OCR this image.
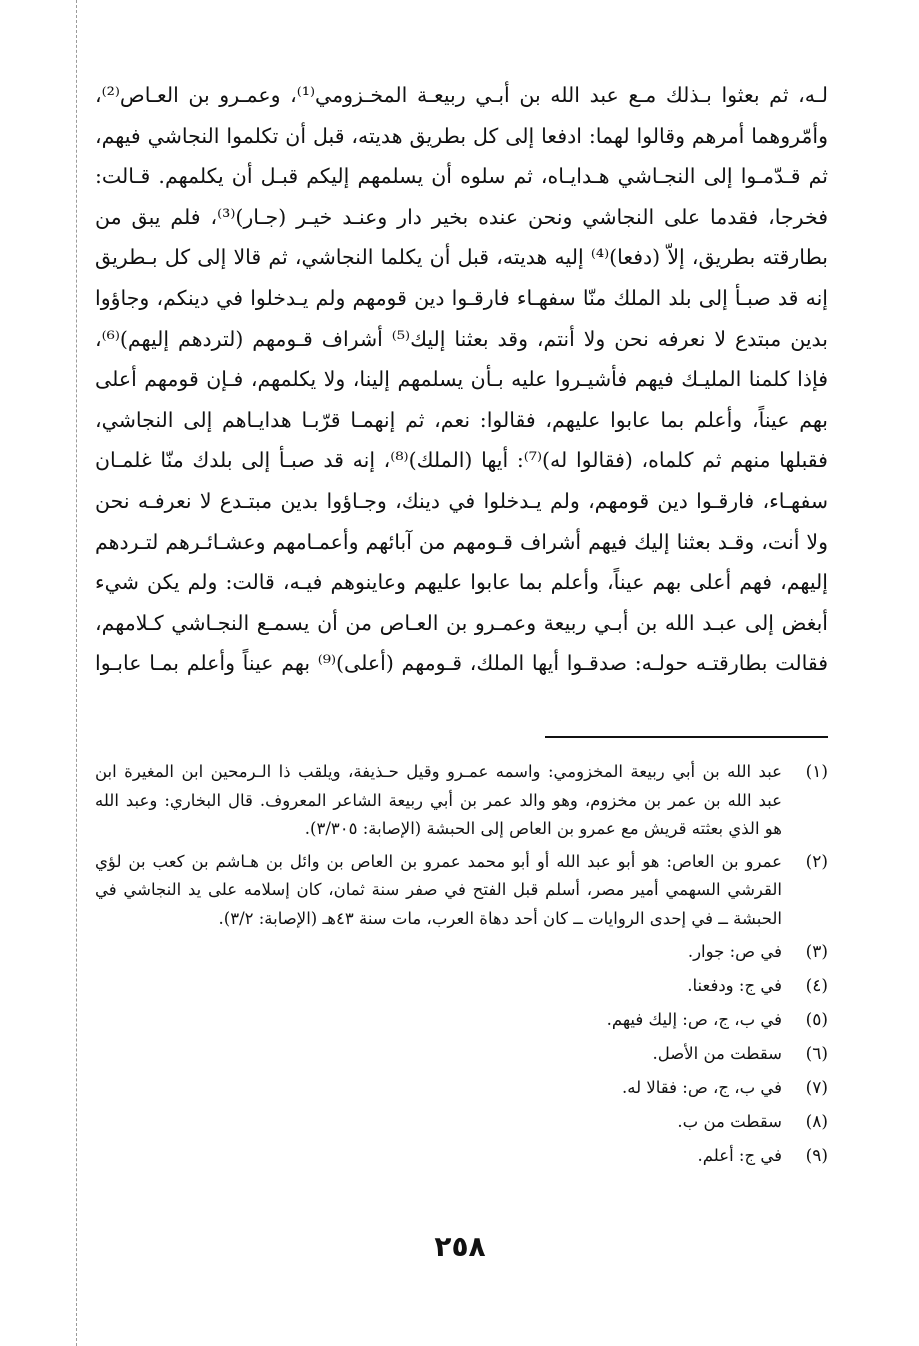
لـه، ثم بعثوا بـذلك مـع عبد الله بن أبـي ربيعـة المخـزومي⁽¹⁾، وعمـرو بن العـاص⁽²⁾،
وأمّروهما أمرهم وقالوا لهما: ادفعا إلى كل بطريق هديته، قبل أن تكلموا النجاشي فيهم،
ثم قـدّمـوا إلى النجـاشي هـدايـاه، ثم سلوه أن يسلمهم إليكم قبـل أن يكلمهم. قـالت:
فخرجا، فقدما على النجاشي ونحن عنده بخير دار وعنـد خيـر (جـار)⁽³⁾، فلم يبق من
بطارقته بطريق، إلاّ (دفعا)⁽⁴⁾ إليه هديته، قبل أن يكلما النجاشي، ثم قالا إلى كل بـطريق
إنه قد صبـأ إلى بلد الملك منّا سفهـاء فارقـوا دين قومهم ولم يـدخلوا في دينكم، وجاؤوا
بدين مبتدع لا نعرفه نحن ولا أنتم، وقد بعثنا إليك⁽⁵⁾ أشراف قـومهم (لتردهم إليهم)⁽⁶⁾،
فإذا كلمنا المليـك فيهم فأشيـروا عليه بـأن يسلمهم إلينا، ولا يكلمهم، فـإن قومهم أعلى
بهم عيناً، وأعلم بما عابوا عليهم، فقالوا: نعم، ثم إنهمـا قرّبـا هدايـاهم إلى النجاشي،
فقبلها منهم ثم كلماه، (فقالوا له)⁽⁷⁾: أيها (الملك)⁽⁸⁾، إنه قد صبـأ إلى بلدك منّا غلمـان
سفهـاء، فارقـوا دين قومهم، ولم يـدخلوا في دينك، وجـاؤوا بدين مبتـدع لا نعرفـه نحن
ولا أنت، وقـد بعثنا إليك فيهم أشراف قـومهم من آبائهم وأعمـامهم وعشـائـرهم لتـردهم
إليهم، فهم أعلى بهم عيناً، وأعلم بما عابوا عليهم وعاينوهم فيـه، قالت: ولم يكن شيء
أبغض إلى عبـد الله بن أبـي ربيعة وعمـرو بن العـاص من أن يسمـع النجـاشي كـلامهم،
فقالت بطارقتـه حولـه: صدقـوا أيها الملك، قـومهم (أعلى)⁽⁹⁾ بهم عيناً وأعلم بمـا عابـوا
(١)
عبد الله بن أبي ربيعة المخزومي: واسمه عمـرو وقيل حـذيفة، ويلقب ذا الـرمحين ابن المغيرة ابن
عبد الله بن عمر بن مخزوم، وهو والد عمر بن أبي ربيعة الشاعر المعروف. قال البخاري: وعبد الله
هو الذي بعثته قريش مع عمرو بن العاص إلى الحبشة (الإصابة: ٣/٣٠٥).
(٢)
عمرو بن العاص: هو أبو عبد الله أو أبو محمد عمرو بن العاص بن وائل بن هـاشم بن كعب بن لؤي
القرشي السهمي أمير مصر، أسلم قبل الفتح في صفر سنة ثمان، كان إسلامه على يد النجاشي في
الحبشة ــ في إحدى الروايات ــ كان أحد دهاة العرب، مات سنة ٤٣هـ (الإصابة: ٣/٢).
(٣)
في ص: جوار.
(٤)
في ج: ودفعنا.
(٥)
في ب، ج، ص: إليك فيهم.
(٦)
سقطت من الأصل.
(٧)
في ب، ج، ص: فقالا له.
(٨)
سقطت من ب.
(٩)
في ج: أعلم.
٢٥٨
